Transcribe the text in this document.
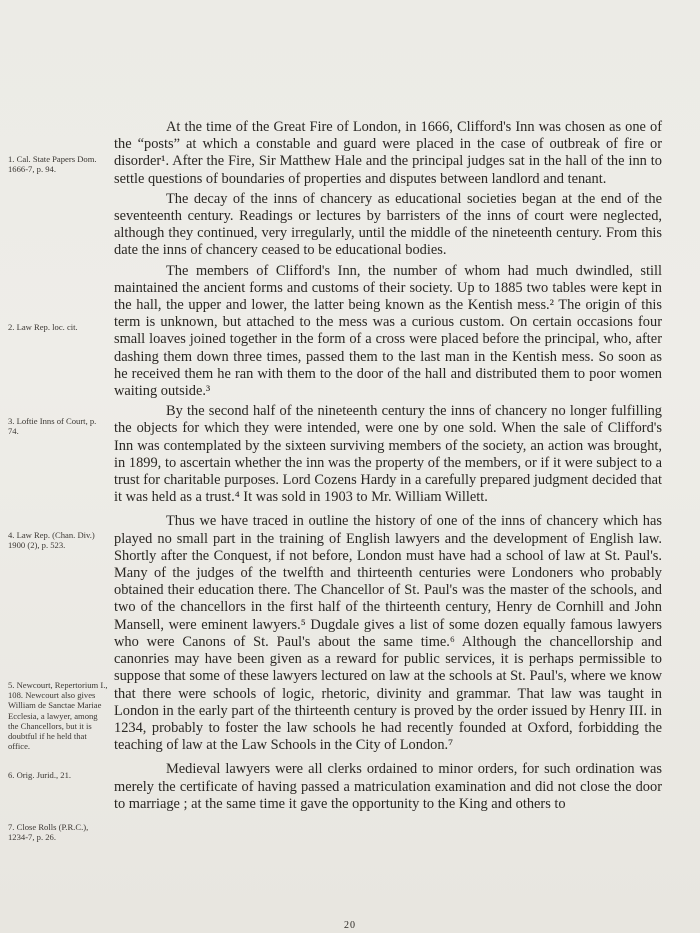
At the time of the Great Fire of London, in 1666, Clifford's Inn was chosen as one of the “posts” at which a constable and guard were placed in the case of outbreak of fire or disorder¹. After the Fire, Sir Matthew Hale and the principal judges sat in the hall of the inn to settle questions of boundaries of properties and disputes between landlord and tenant.

The decay of the inns of chancery as educational societies began at the end of the seventeenth century. Readings or lectures by barristers of the inns of court were neglected, although they continued, very irregularly, until the middle of the nineteenth century. From this date the inns of chancery ceased to be educational bodies.

The members of Clifford's Inn, the number of whom had much dwindled, still maintained the ancient forms and customs of their society. Up to 1885 two tables were kept in the hall, the upper and lower, the latter being known as the Kentish mess.² The origin of this term is unknown, but attached to the mess was a curious custom. On certain occasions four small loaves joined together in the form of a cross were placed before the principal, who, after dashing them down three times, passed them to the last man in the Kentish mess. So soon as he received them he ran with them to the door of the hall and distributed them to poor women waiting outside.³

By the second half of the nineteenth century the inns of chancery no longer fulfilling the objects for which they were intended, were one by one sold. When the sale of Clifford's Inn was contemplated by the sixteen surviving members of the society, an action was brought, in 1899, to ascertain whether the inn was the property of the members, or if it were subject to a trust for charitable purposes. Lord Cozens Hardy in a carefully prepared judgment decided that it was held as a trust.⁴ It was sold in 1903 to Mr. William Willett.

Thus we have traced in outline the history of one of the inns of chancery which has played no small part in the training of English lawyers and the development of English law. Shortly after the Conquest, if not before, London must have had a school of law at St. Paul's. Many of the judges of the twelfth and thirteenth centuries were Londoners who probably obtained their education there. The Chancellor of St. Paul's was the master of the schools, and two of the chancellors in the first half of the thirteenth century, Henry de Cornhill and John Mansell, were eminent lawyers.⁵ Dugdale gives a list of some dozen equally famous lawyers who were Canons of St. Paul's about the same time.⁶ Although the chancellorship and canonries may have been given as a reward for public services, it is perhaps permissible to suppose that some of these lawyers lectured on law at the schools at St. Paul's, where we know that there were schools of logic, rhetoric, divinity and grammar. That law was taught in London in the early part of the thirteenth century is proved by the order issued by Henry III. in 1234, probably to foster the law schools he had recently founded at Oxford, forbidding the teaching of law at the Law Schools in the City of London.⁷

Medieval lawyers were all clerks ordained to minor orders, for such ordination was merely the certificate of having passed a matriculation examination and did not close the door to marriage ; at the same time it gave the opportunity to the King and others to

1. Cal. State Papers Dom. 1666-7, p. 94.
2. Law Rep. loc. cit.
3. Loftie Inns of Court, p. 74.
4. Law Rep. (Chan. Div.) 1900 (2), p. 523.
5. Newcourt, Repertorium I., 108. Newcourt also gives William de Sanctae Mariae Ecclesia, a lawyer, among the Chancellors, but it is doubtful if he held that office.
6. Orig. Jurid., 21.
7. Close Rolls (P.R.C.), 1234-7, p. 26.
20
